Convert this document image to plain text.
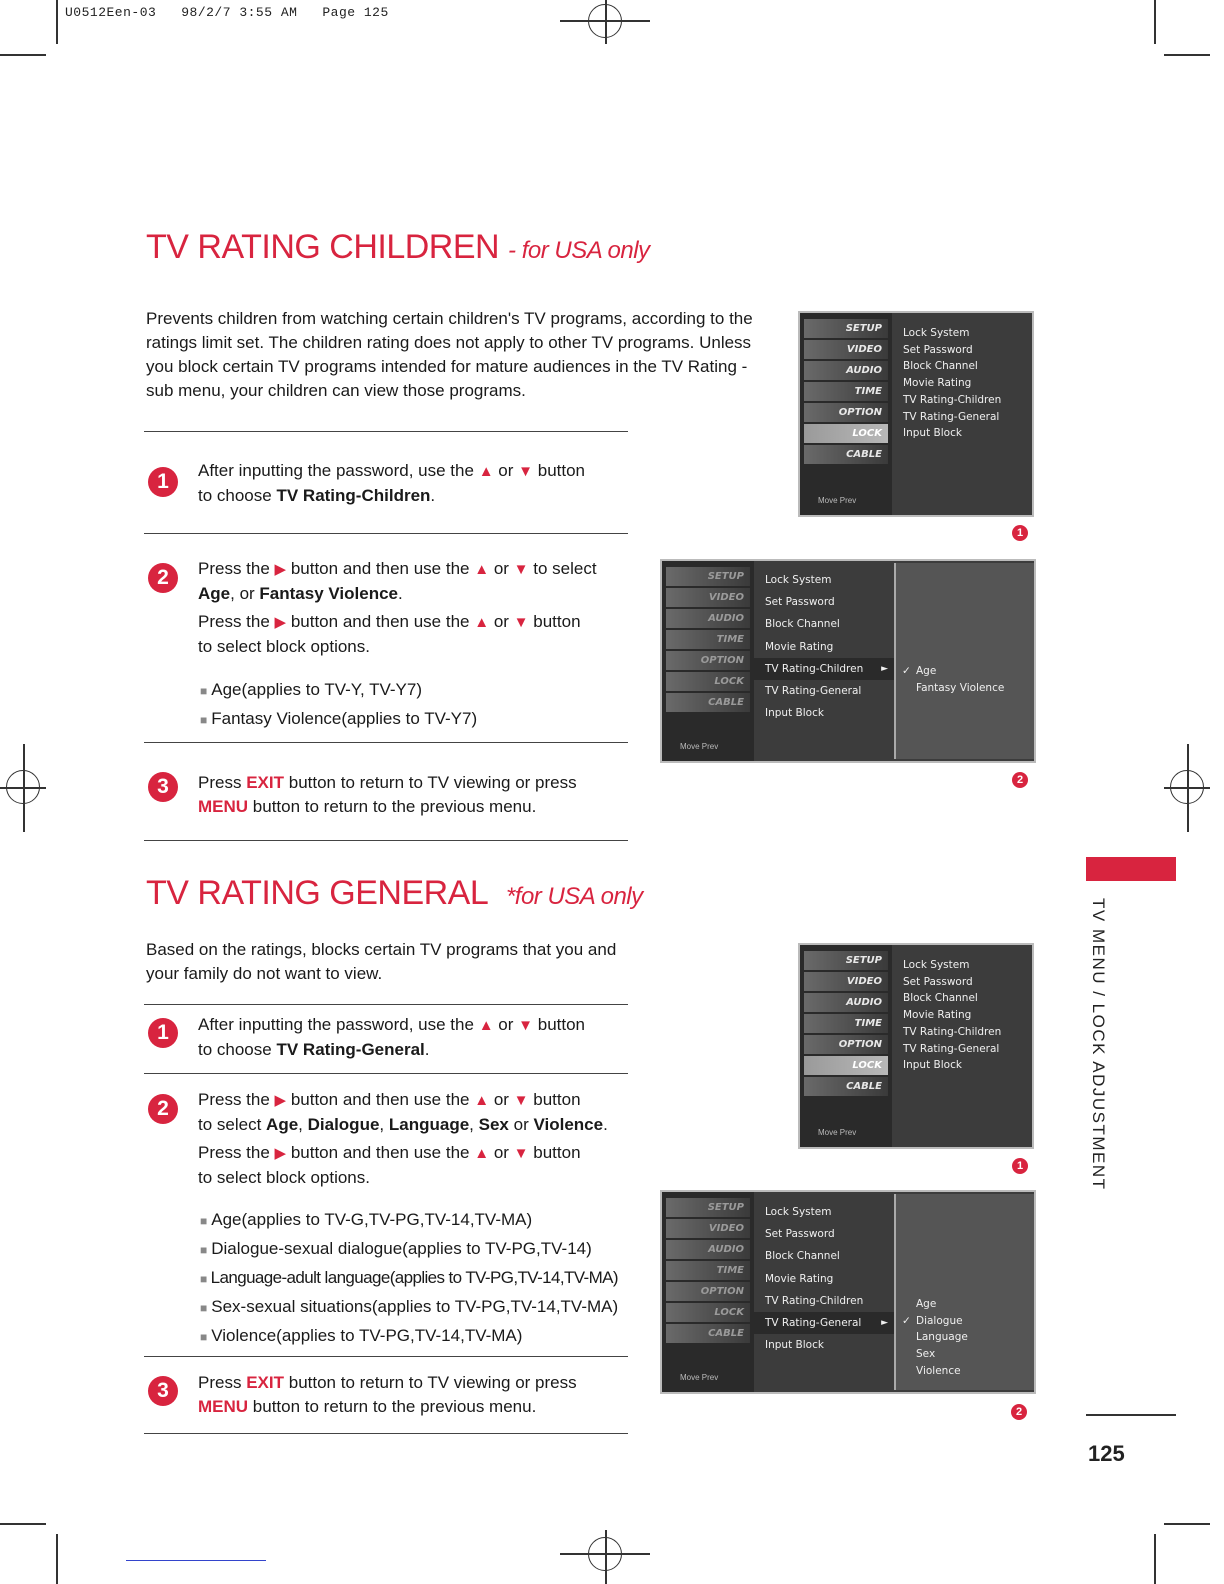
U0512Een-03   98/2/7 3:55 AM   Page 125
TV RATING CHILDREN - for USA only
Prevents children from watching certain children's TV programs, according to the ratings limit set. The children rating does not apply to other TV programs. Unless you block certain TV programs intended for mature audiences in the TV Rating - sub menu, your children can view those programs.
1	After inputting the password, use the ▲ or ▼ button
to choose TV Rating-Children.
2	Press the ▶ button and then use the ▲ or ▼ to select
Age, or Fantasy Violence.
Press the ▶ button and then use the ▲ or ▼ button
to select block options.
■ Age(applies to TV-Y, TV-Y7)
■ Fantasy Violence(applies to TV-Y7)
3	Press EXIT button to return to TV viewing or press
MENU button to return to the previous menu.
SETUP
VIDEO
AUDIO
TIME
OPTION
LOCK
CABLE
Move Prev
Lock System
Set Password
Block Channel
Movie Rating
TV Rating-Children
TV Rating-General
Input Block
1
SETUP
VIDEO
AUDIO
TIME
OPTION
LOCK
CABLE
Move Prev
Lock System
Set Password
Block Channel
Movie Rating
TV Rating-Children ►
TV Rating-General
Input Block
✓ Age
Fantasy Violence
2
TV RATING GENERAL *for USA only
Based on the ratings, blocks certain TV programs that you and your family do not want to view.
1	After inputting the password, use the ▲ or ▼ button
to choose TV Rating-General.
2	Press the ▶ button and then use the ▲ or ▼ button
to select Age, Dialogue, Language, Sex or Violence.
Press the ▶ button and then use the ▲ or ▼ button
to select block options.
■ Age(applies to TV-G,TV-PG,TV-14,TV-MA)
■ Dialogue-sexual dialogue(applies to TV-PG,TV-14)
■ Language-adult language(applies to TV-PG,TV-14,TV-MA)
■ Sex-sexual situations(applies to TV-PG,TV-14,TV-MA)
■ Violence(applies to TV-PG,TV-14,TV-MA)
3	Press EXIT button to return to TV viewing or press
MENU button to return to the previous menu.
SETUP
VIDEO
AUDIO
TIME
OPTION
LOCK
CABLE
Move Prev
Lock System
Set Password
Block Channel
Movie Rating
TV Rating-Children
TV Rating-General
Input Block
1
SETUP
VIDEO
AUDIO
TIME
OPTION
LOCK
CABLE
Move Prev
Lock System
Set Password
Block Channel
Movie Rating
TV Rating-Children
TV Rating-General ►
Input Block
Age
✓ Dialogue
Language
Sex
Violence
2
TV MENU / LOCK ADJUSTMENT
125
